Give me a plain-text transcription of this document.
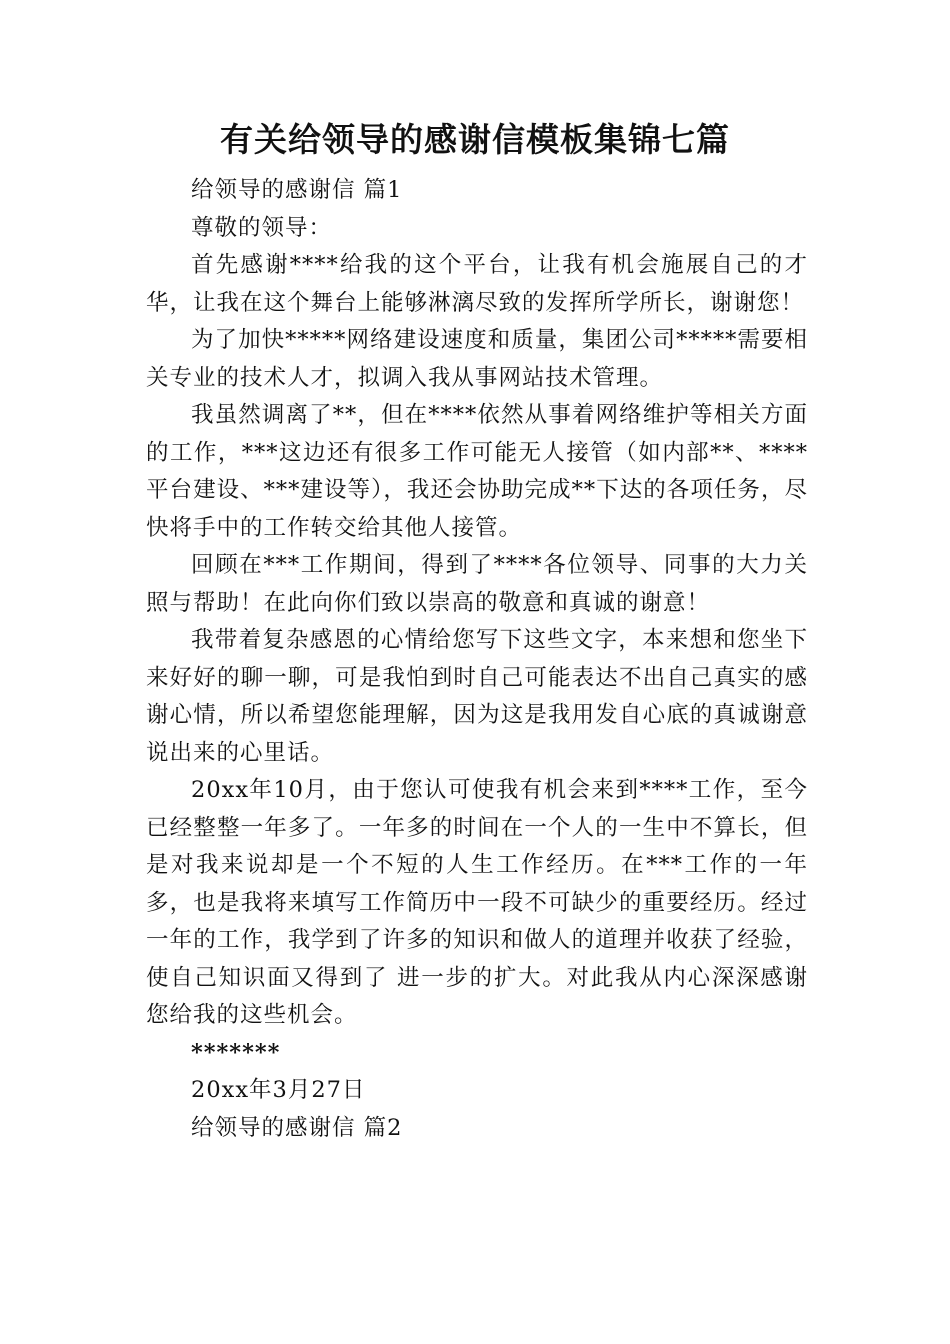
有关给领导的感谢信模板集锦七篇

给领导的感谢信 篇1

尊敬的领导：

首先感谢****给我的这个平台，让我有机会施展自己的才华，让我在这个舞台上能够淋漓尽致的发挥所学所长，谢谢您！

为了加快*****网络建设速度和质量，集团公司*****需要相关专业的技术人才，拟调入我从事网站技术管理。

我虽然调离了**，但在****依然从事着网络维护等相关方面的工作，***这边还有很多工作可能无人接管（如内部**、****平台建设、***建设等），我还会协助完成**下达的各项任务，尽快将手中的工作转交给其他人接管。

回顾在***工作期间，得到了****各位领导、同事的大力关照与帮助！在此向你们致以崇高的敬意和真诚的谢意！

我带着复杂感恩的心情给您写下这些文字，本来想和您坐下来好好的聊一聊，可是我怕到时自己可能表达不出自己真实的感谢心情，所以希望您能理解，因为这是我用发自心底的真诚谢意说出来的心里话。

20xx年10月，由于您认可使我有机会来到****工作，至今已经整整一年多了。一年多的时间在一个人的一生中不算长，但是对我来说却是一个不短的人生工作经历。在***工作的一年多，也是我将来填写工作简历中一段不可缺少的重要经历。经过一年的工作，我学到了许多的知识和做人的道理并收获了经验，使自己知识面又得到了 进一步的扩大。对此我从内心深深感谢您给我的这些机会。

*******

20xx年3月27日

给领导的感谢信 篇2
